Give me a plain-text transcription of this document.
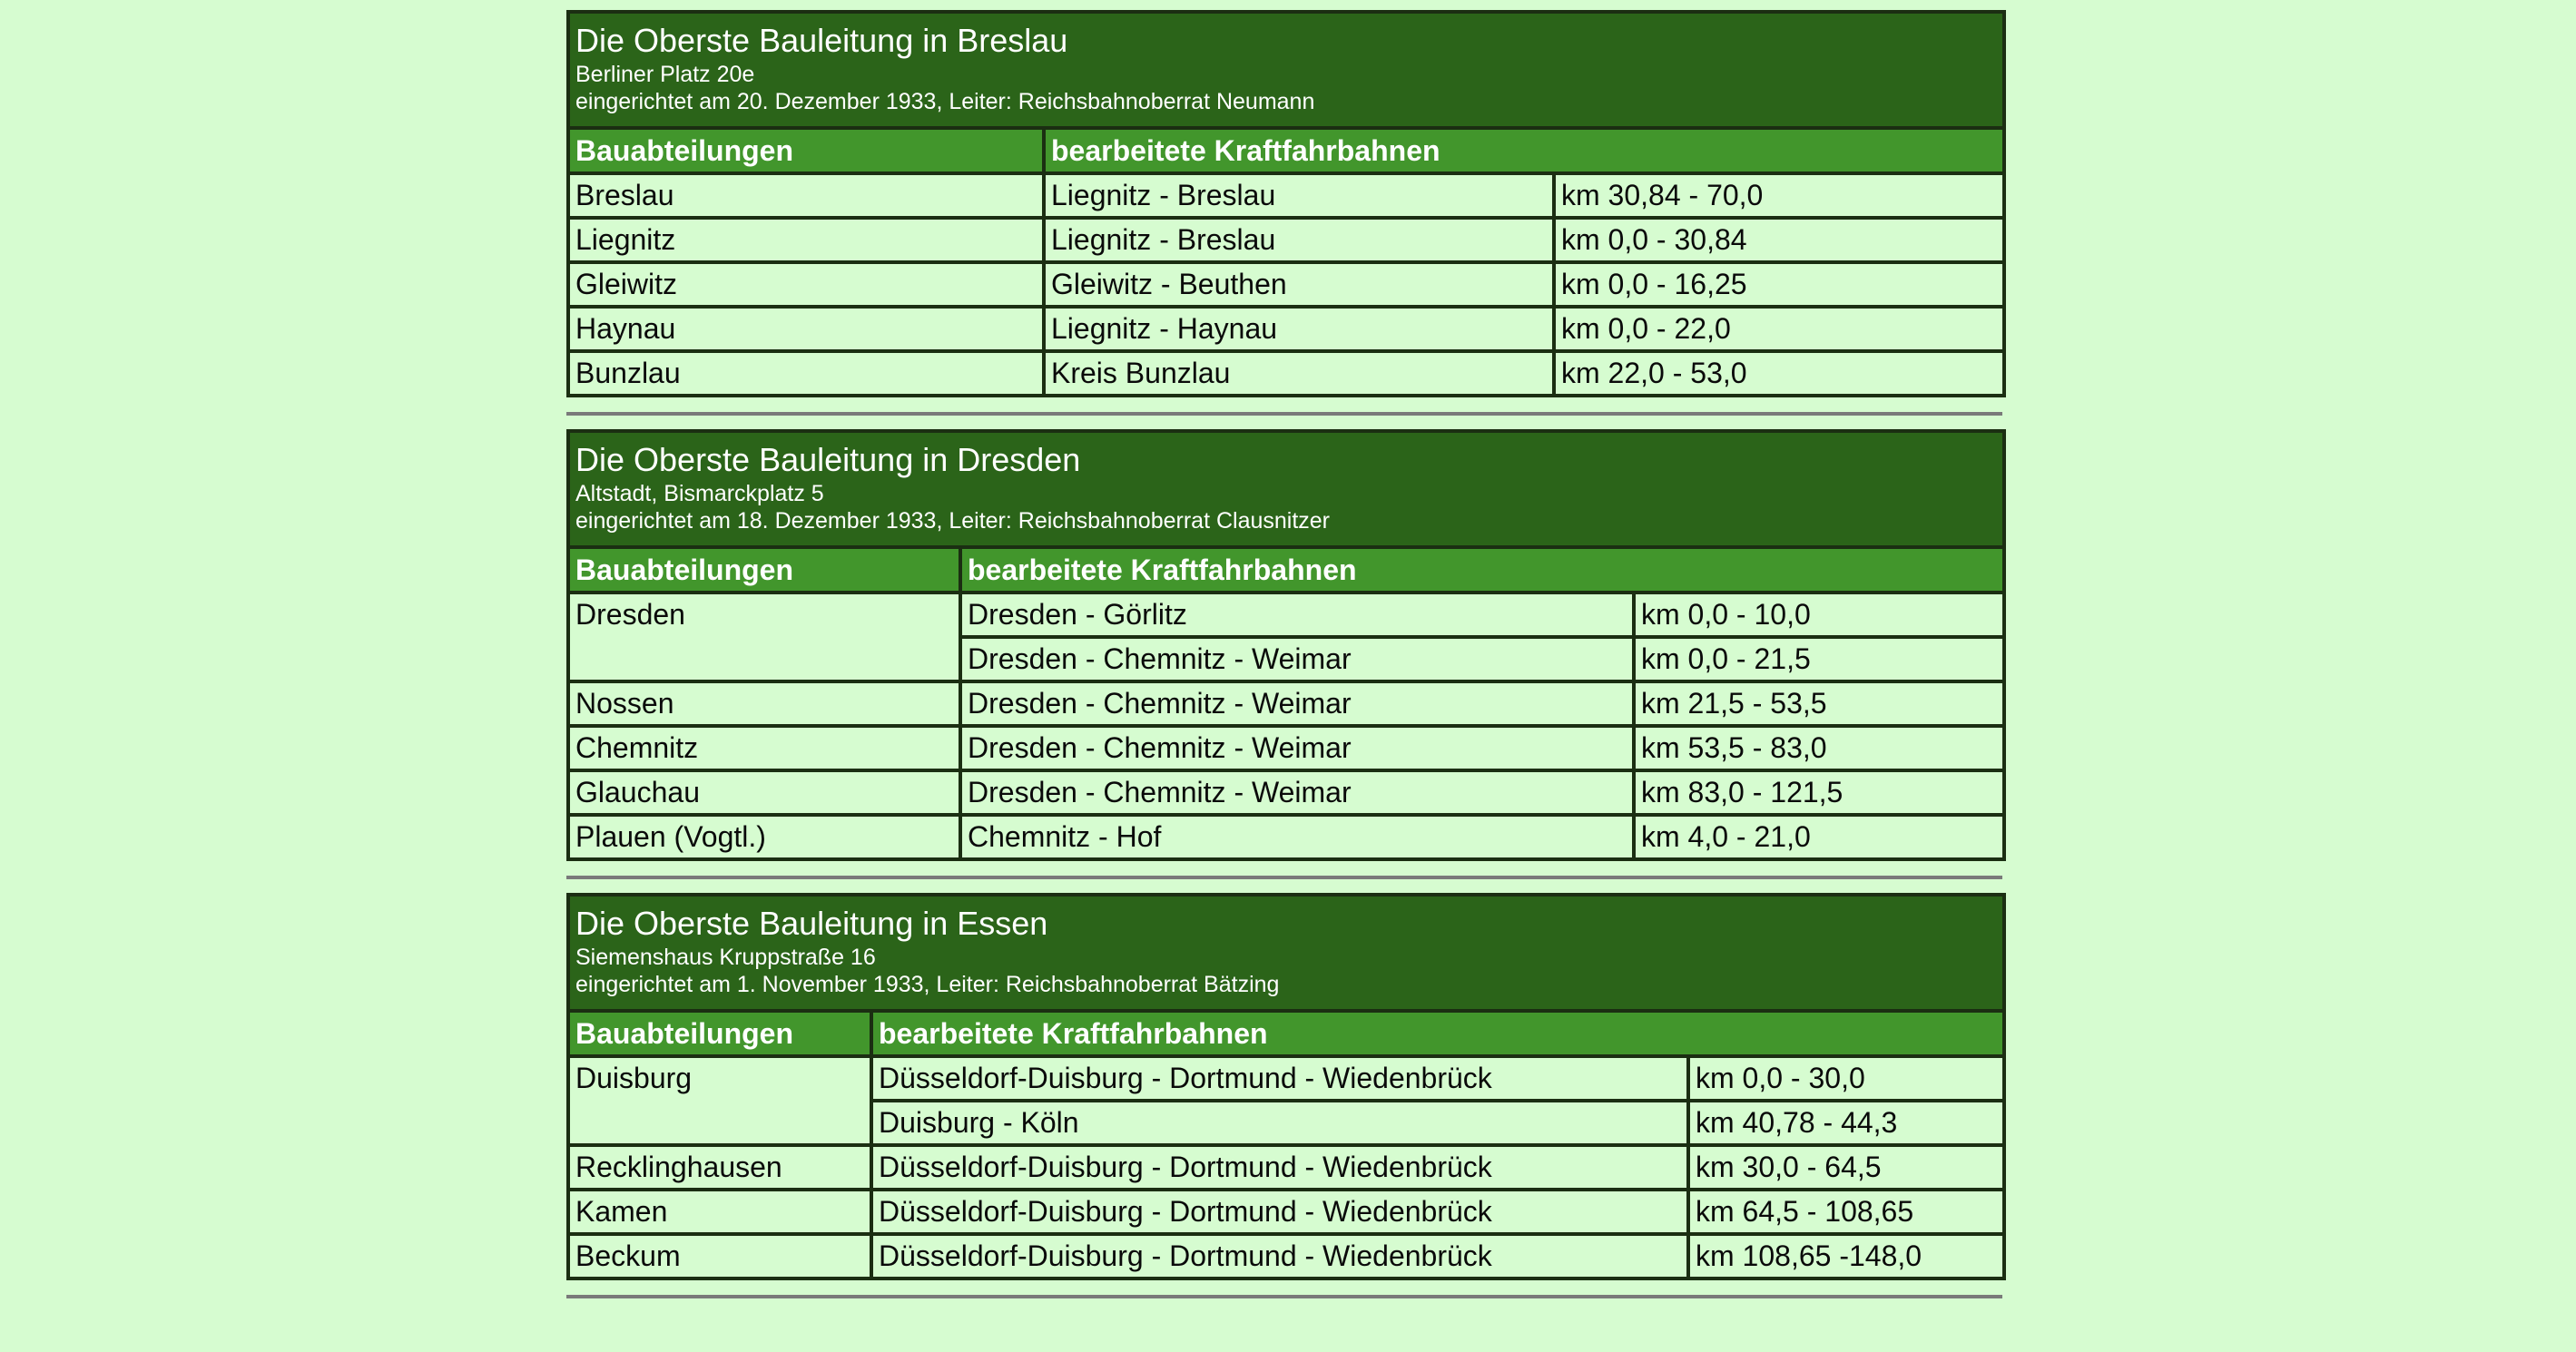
Die Oberste Bauleitung in Breslau
Berliner Platz 20e
eingerichtet am 20. Dezember 1933, Leiter: Reichsbahnoberrat Neumann		

Bauabteilungen	bearbeitete Kraftfahrbahnen	
Breslau	Liegnitz - Breslau	km 30,84 - 70,0
Liegnitz	Liegnitz - Breslau	km 0,0 - 30,84
Gleiwitz	Gleiwitz - Beuthen	km 0,0 - 16,25
Haynau	Liegnitz - Haynau	km 0,0 - 22,0
Bunzlau	Kreis Bunzlau	km 22,0 - 53,0
Die Oberste Bauleitung in Dresden
Altstadt, Bismarckplatz 5
eingerichtet am 18. Dezember 1933, Leiter: Reichsbahnoberrat Clausnitzer		

Bauabteilungen	bearbeitete Kraftfahrbahnen	
Dresden	Dresden - Görlitz	km 0,0 - 10,0
	Dresden - Chemnitz - Weimar	km 0,0 - 21,5
Nossen	Dresden - Chemnitz - Weimar	km 21,5 - 53,5
Chemnitz	Dresden - Chemnitz - Weimar	km 53,5 - 83,0
Glauchau	Dresden - Chemnitz - Weimar	km 83,0 - 121,5
Plauen (Vogtl.)	Chemnitz - Hof	km 4,0 - 21,0
Die Oberste Bauleitung in Essen
Siemenshaus Kruppstraße 16
eingerichtet am 1. November 1933, Leiter: Reichsbahnoberrat Bätzing		

Bauabteilungen	bearbeitete Kraftfahrbahnen	
Duisburg	Düsseldorf-Duisburg - Dortmund - Wiedenbrück	km 0,0 - 30,0
	Duisburg - Köln	km 40,78 - 44,3
Recklinghausen	Düsseldorf-Duisburg - Dortmund - Wiedenbrück	km 30,0 - 64,5
Kamen	Düsseldorf-Duisburg - Dortmund - Wiedenbrück	km 64,5 - 108,65
Beckum	Düsseldorf-Duisburg - Dortmund - Wiedenbrück	km 108,65 -148,0
